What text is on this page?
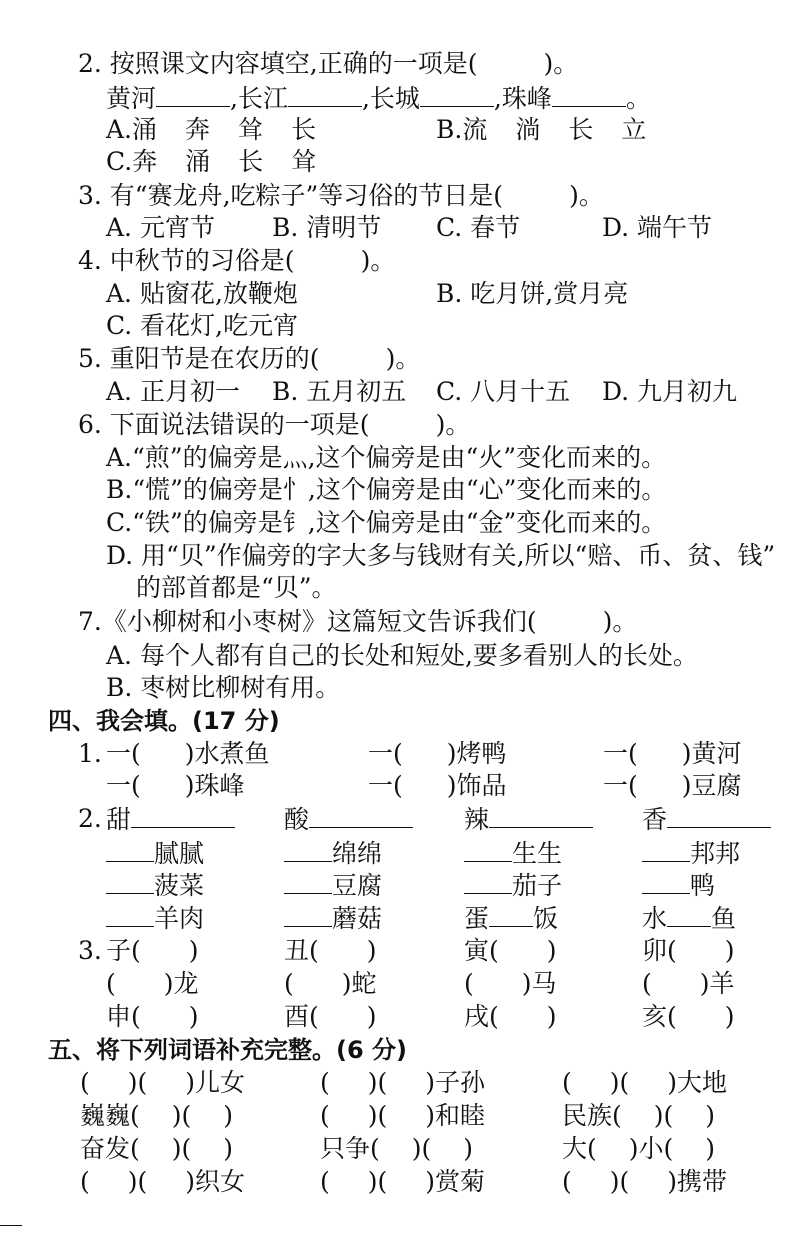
2. 按照课文内容填空,正确的一项是(	)。
黄河	,长江	,长城	,珠峰	。
A.涌 奔 耸 长	B.流 淌 长 立
C.奔 涌 长 耸
3. 有“赛龙舟,吃粽子”等习俗的节日是(	)。
A. 元宵节 B. 清明节 C. 春节	D. 端午节
4. 中秋节的习俗是(	)。
A. 贴窗花,放鞭炮	B. 吃月饼,赏月亮
C. 看花灯,吃元宵
5. 重阳节是在农历的(	)。
A. 正月初一 B. 五月初五 C. 八月十五 D. 九月初九
6. 下面说法错误的一项是(	)。
A.“煎”的偏旁是灬,这个偏旁是由“火”变化而来的。
B.“慌”的偏旁是忄,这个偏旁是由“心”变化而来的。
C.“铁”的偏旁是钅,这个偏旁是由“金”变化而来的。
D. 用“贝”作偏旁的字大多与钱财有关,所以“赔、币、贫、钱”
的部首都是“贝”。
7.《小柳树和小枣树》这篇短文告诉我们(	)。
A. 每个人都有自己的长处和短处,要多看别人的长处。
B. 枣树比柳树有用。
四、我会填。(17 分)
1. 一( )水煮鱼	一( )烤鸭	一( )黄河
一( )珠峰	一( )饰品	一( )豆腐
2. 甜	酸	辣	香
腻腻	绵绵	生生	邦邦
菠菜	豆腐	茄子	鸭
羊肉	蘑菇	蛋 饭	水 鱼
3. 子( )	丑( )	寅( )	卯( )
( )龙	( )蛇	( )马	( )羊
申( )	酉( )	戌( )	亥( )
五、将下列词语补充完整。(6 分)
( )( )儿女	( )( )子孙	( )( )大地
巍巍( )( )	( )( )和睦	民族( )( )
奋发( )( )	只争( )( )	大( )小( )
( )( )织女	( )( )赏菊	( )( )携带
